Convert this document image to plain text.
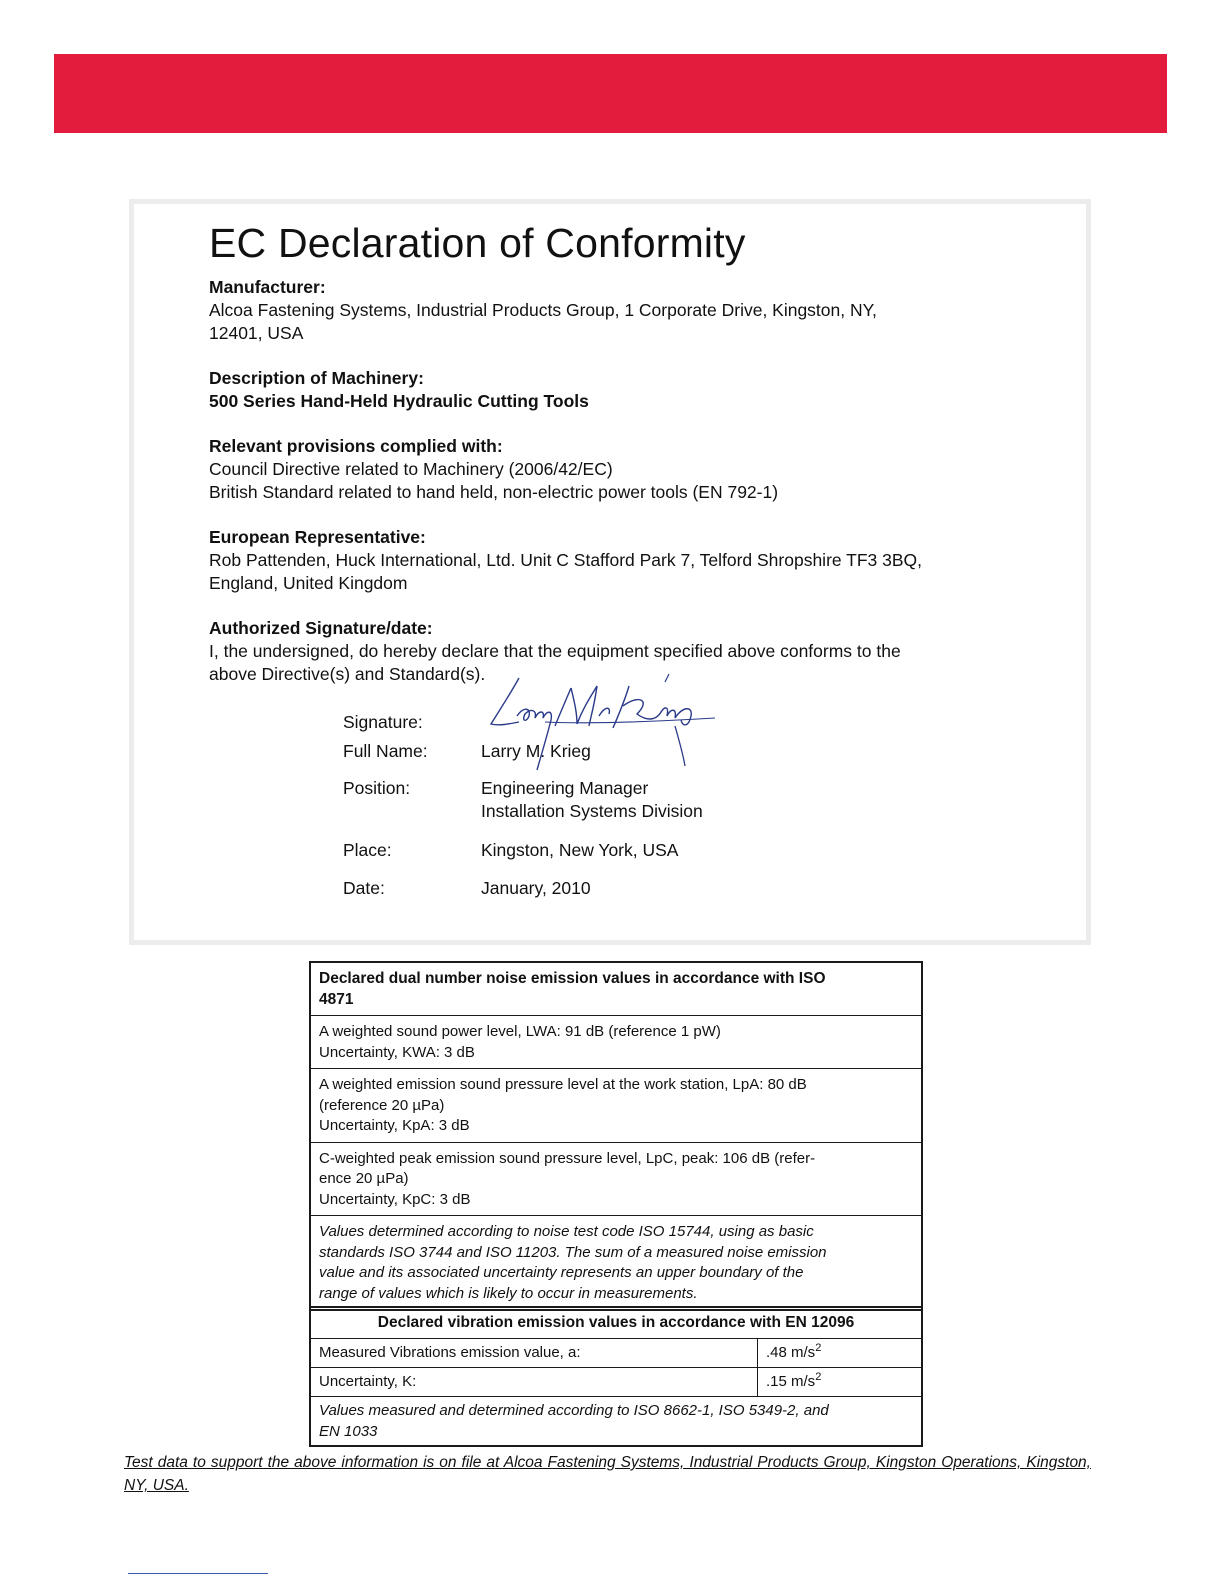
EC Declaration of Conformity
Manufacturer:
Alcoa Fastening Systems, Industrial Products Group, 1 Corporate Drive, Kingston, NY,
12401, USA
Description of Machinery:
500 Series Hand-Held Hydraulic Cutting Tools
Relevant provisions complied with:
Council Directive related to Machinery (2006/42/EC)
British Standard related to hand held, non-electric power tools (EN 792-1)
European Representative:
Rob Pattenden, Huck International, Ltd. Unit C Stafford Park 7, Telford Shropshire TF3 3BQ,
England, United Kingdom
Authorized Signature/date:
I, the undersigned, do hereby declare that the equipment specified above conforms to the
above Directive(s) and Standard(s).
Signature:
Full Name:	Larry M. Krieg
Position:	Engineering Manager
Installation Systems Division
Place:	Kingston, New York, USA
Date:	January, 2010
Declared dual number noise emission values in accordance with ISO
4871
A weighted sound power level, LWA: 91 dB (reference 1 pW)
Uncertainty, KWA: 3 dB
A weighted emission sound pressure level at the work station, LpA: 80 dB
(reference 20 µPa)
Uncertainty, KpA: 3 dB
C-weighted peak emission sound pressure level, LpC, peak: 106 dB (refer-
ence 20 µPa)
Uncertainty, KpC: 3 dB
Values determined according to noise test code ISO 15744, using as basic
standards ISO 3744 and ISO 11203. The sum of a measured noise emission
value and its associated uncertainty represents an upper boundary of the
range of values which is likely to occur in measurements.
Declared vibration emission values in accordance with EN 12096
Measured Vibrations emission value, a:	.48 $m/s^2$
Uncertainty, K:	.15 $m/s^2$
Values measured and determined according to ISO 8662-1, ISO 5349-2, and
EN 1033
Test data to support the above information is on file at Alcoa Fastening Systems, Industrial Products Group, Kingston Operations, Kingston, NY, USA.
